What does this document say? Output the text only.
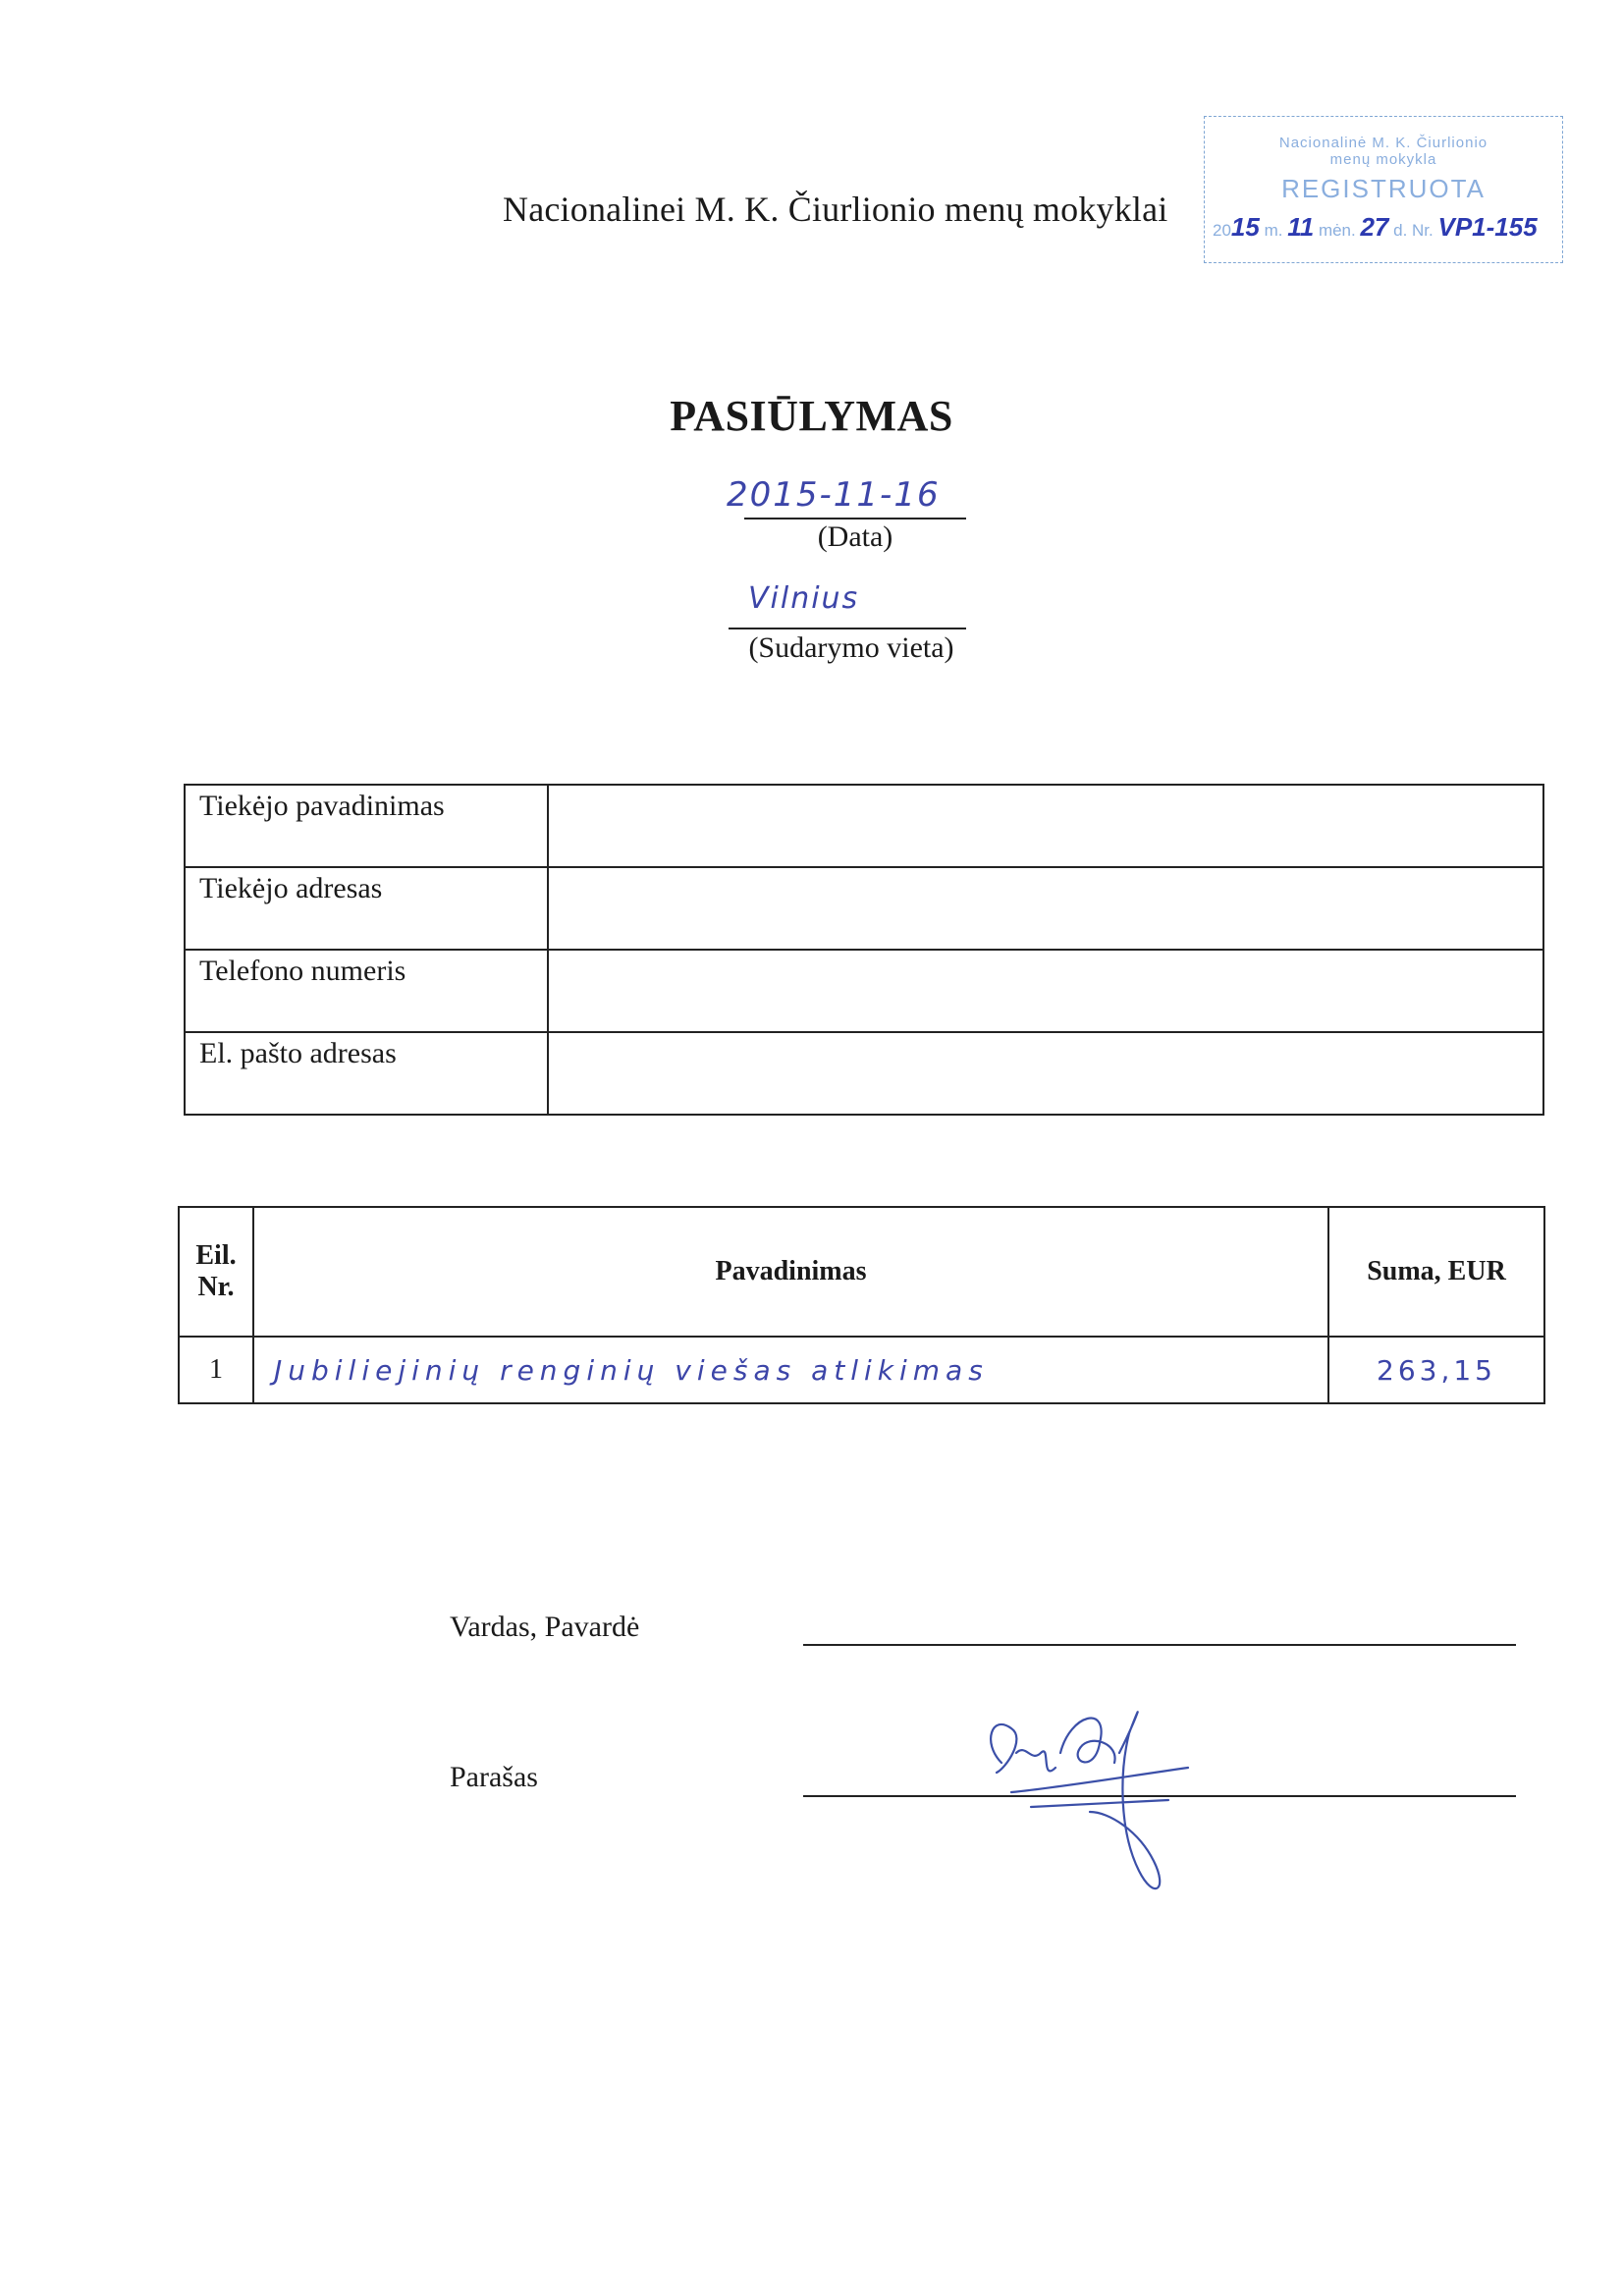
Nacionalinė M. K. Čiurlionio
menų mokykla
REGISTRUOTA
2015 m. 11 mėn. 27 d. Nr. VP1-155
Nacionalinei M. K. Čiurlionio menų mokyklai
PASIŪLYMAS
2015-11-16
(Data)
Vilnius
(Sudarymo vieta)
Tiekėjo pavadinimas	
Tiekėjo adresas	
Telefono numeris	
El. pašto adresas	
Eil. Nr.	Pavadinimas	Suma, EUR
1	Jubiliejinių renginių viešas atlikimas	263,15
Vardas, Pavardė
Parašas
